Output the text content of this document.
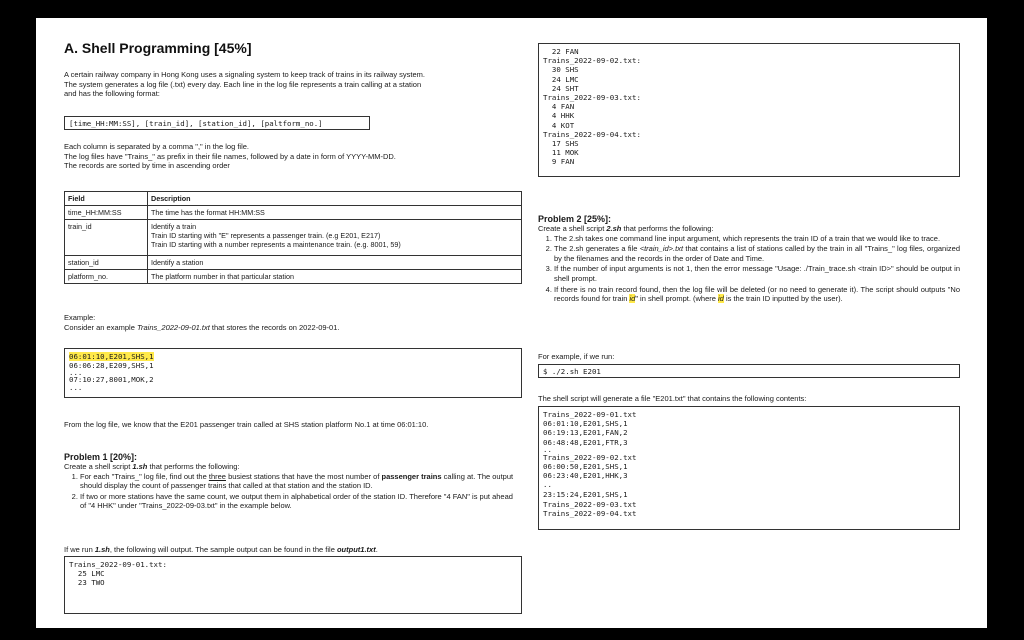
A. Shell Programming [45%]

A certain railway company in Hong Kong uses a signaling system to keep track of trains in its railway system.

The system generates a log file (.txt) every day. Each line in the log file represents a train calling at a station

and has the following format:

[time_HH:MM:SS], [train_id], [station_id], [paltform_no.]

Each column is separated by a comma "," in the log file.

The log files have "Trains_" as prefix in their file names, followed by a date in form of YYYY-MM-DD.

The records are sorted by time in ascending order

Field	Description
time_HH:MM:SS	The time has the format HH:MM:SS

train_id	Identify a train
Train ID starting with "E" represents a passenger train. (e.g E201, E217)
Train ID starting with a number represents a maintenance train. (e.g. 8001, 59)

station_id	Identify a station

platform_no.	The platform number in that particular station

Example:

Consider an example Trains_2022-09-01.txt that stores the records on 2022-09-01.

06:01:10,E201,SHS,1
06:06:28,E209,SHS,1
...
07:10:27,8001,MOK,2
...

From the log file, we know that the E201 passenger train called at SHS station platform No.1 at time 06:01:10.

Problem 1 [20%]:

Create a shell script 1.sh that performs the following:

1. For each "Trains_" log file, find out the three busiest stations that have the most number of passenger trains calling at. The output should display the count of passenger trains that called at that station and the station ID.
2. If two or more stations have the same count, we output them in alphabetical order of the station ID. Therefore "4 FAN" is put ahead of "4 HHK" under "Trains_2022-09-03.txt" in the example below.

If we run 1.sh, the following will output. The sample output can be found in the file output1.txt.

Trains_2022-09-01.txt:
25 LMC
23 TWO
22 FAN
Trains_2022-09-02.txt:
30 SHS
24 LMC
24 SHT
Trains_2022-09-03.txt:
4 FAN
4 HHK
4 KOT
Trains_2022-09-04.txt:
17 SHS
11 MOK
9 FAN
Problem 2 [25%]:

Create a shell script 2.sh that performs the following:

1. The 2.sh takes one command line input argument, which represents the train ID of a train that we would like to trace.
2. The 2.sh generates a file <train_id>.txt that contains a list of stations called by the train in all "Trains_" log files, organized by the filenames and the records in the order of Date and Time.
3. If the number of input arguments is not 1, then the error message "Usage: ./Train_trace.sh <train ID>" should be output in shell prompt.
4. If there is no train record found, then the log file will be deleted (or no need to generate it). The script should outputs "No records found for train id" in shell prompt. (where id is the train ID inputted by the user).

For example, if we run:

$ ./2.sh E201

The shell script will generate a file "E201.txt" that contains the following contents:

Trains_2022-09-01.txt
06:01:10,E201,SHS,1
06:19:13,E201,FAN,2
06:48:48,E201,FTR,3
..
Trains_2022-09-02.txt
06:00:50,E201,SHS,1
06:23:40,E201,HHK,3
..
23:15:24,E201,SHS,1
Trains_2022-09-03.txt
Trains_2022-09-04.txt
